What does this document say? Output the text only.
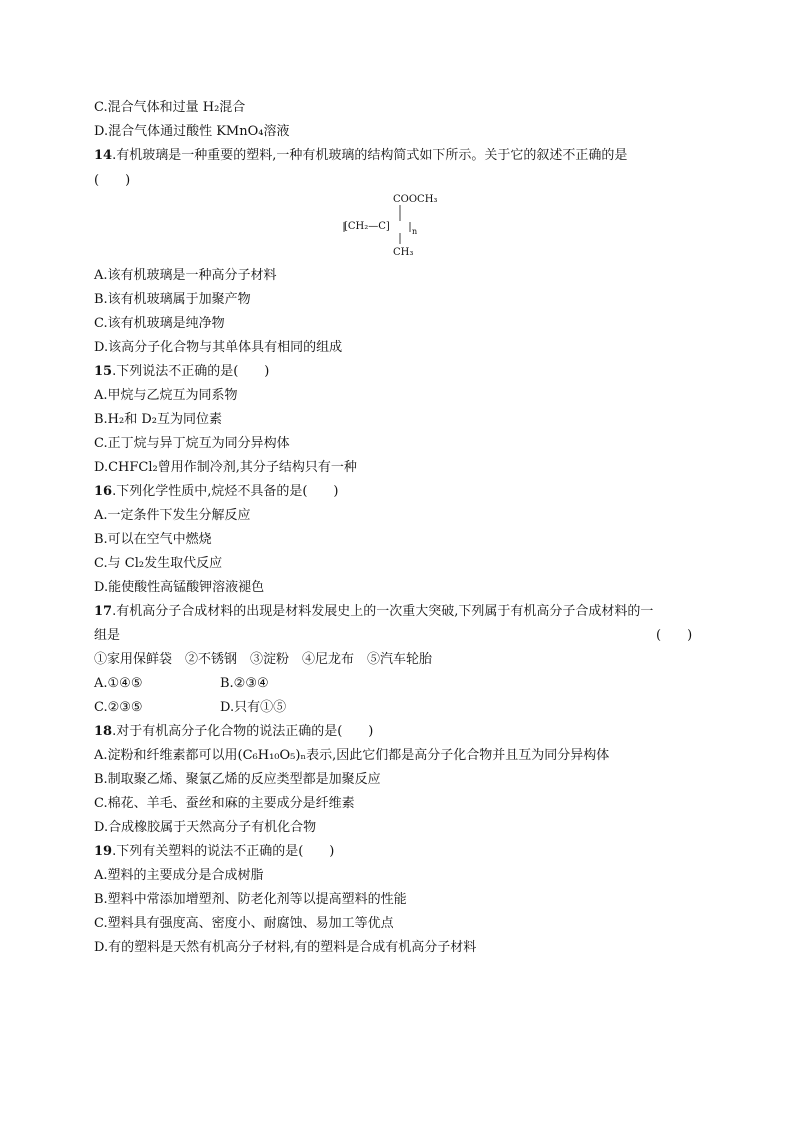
C.混合气体和过量 H₂混合
D.混合气体通过酸性 KMnO₄溶液
14.有机玻璃是一种重要的塑料,一种有机玻璃的结构简式如下所示。关于它的叙述不正确的是
(　　)
COOCH₃
[CH₂—C]	n
CH₃
A.该有机玻璃是一种高分子材料
B.该有机玻璃属于加聚产物
C.该有机玻璃是纯净物
D.该高分子化合物与其单体具有相同的组成
15.下列说法不正确的是(　　)
A.甲烷与乙烷互为同系物
B.H₂和 D₂互为同位素
C.正丁烷与异丁烷互为同分异构体
D.CHFCl₂曾用作制冷剂,其分子结构只有一种
16.下列化学性质中,烷烃不具备的是(　　)
A.一定条件下发生分解反应
B.可以在空气中燃烧
C.与 Cl₂发生取代反应
D.能使酸性高锰酸钾溶液褪色
17.有机高分子合成材料的出现是材料发展史上的一次重大突破,下列属于有机高分子合成材料的一
组是	(　　)
①家用保鲜袋　②不锈钢　③淀粉　④尼龙布　⑤汽车轮胎
A.①④⑤	B.②③④
C.②③⑤	D.只有①⑤
18.对于有机高分子化合物的说法正确的是(　　)
A.淀粉和纤维素都可以用(C₆H₁₀O₅)ₙ表示,因此它们都是高分子化合物并且互为同分异构体
B.制取聚乙烯、聚氯乙烯的反应类型都是加聚反应
C.棉花、羊毛、蚕丝和麻的主要成分是纤维素
D.合成橡胶属于天然高分子有机化合物
19.下列有关塑料的说法不正确的是(　　)
A.塑料的主要成分是合成树脂
B.塑料中常添加增塑剂、防老化剂等以提高塑料的性能
C.塑料具有强度高、密度小、耐腐蚀、易加工等优点
D.有的塑料是天然有机高分子材料,有的塑料是合成有机高分子材料
